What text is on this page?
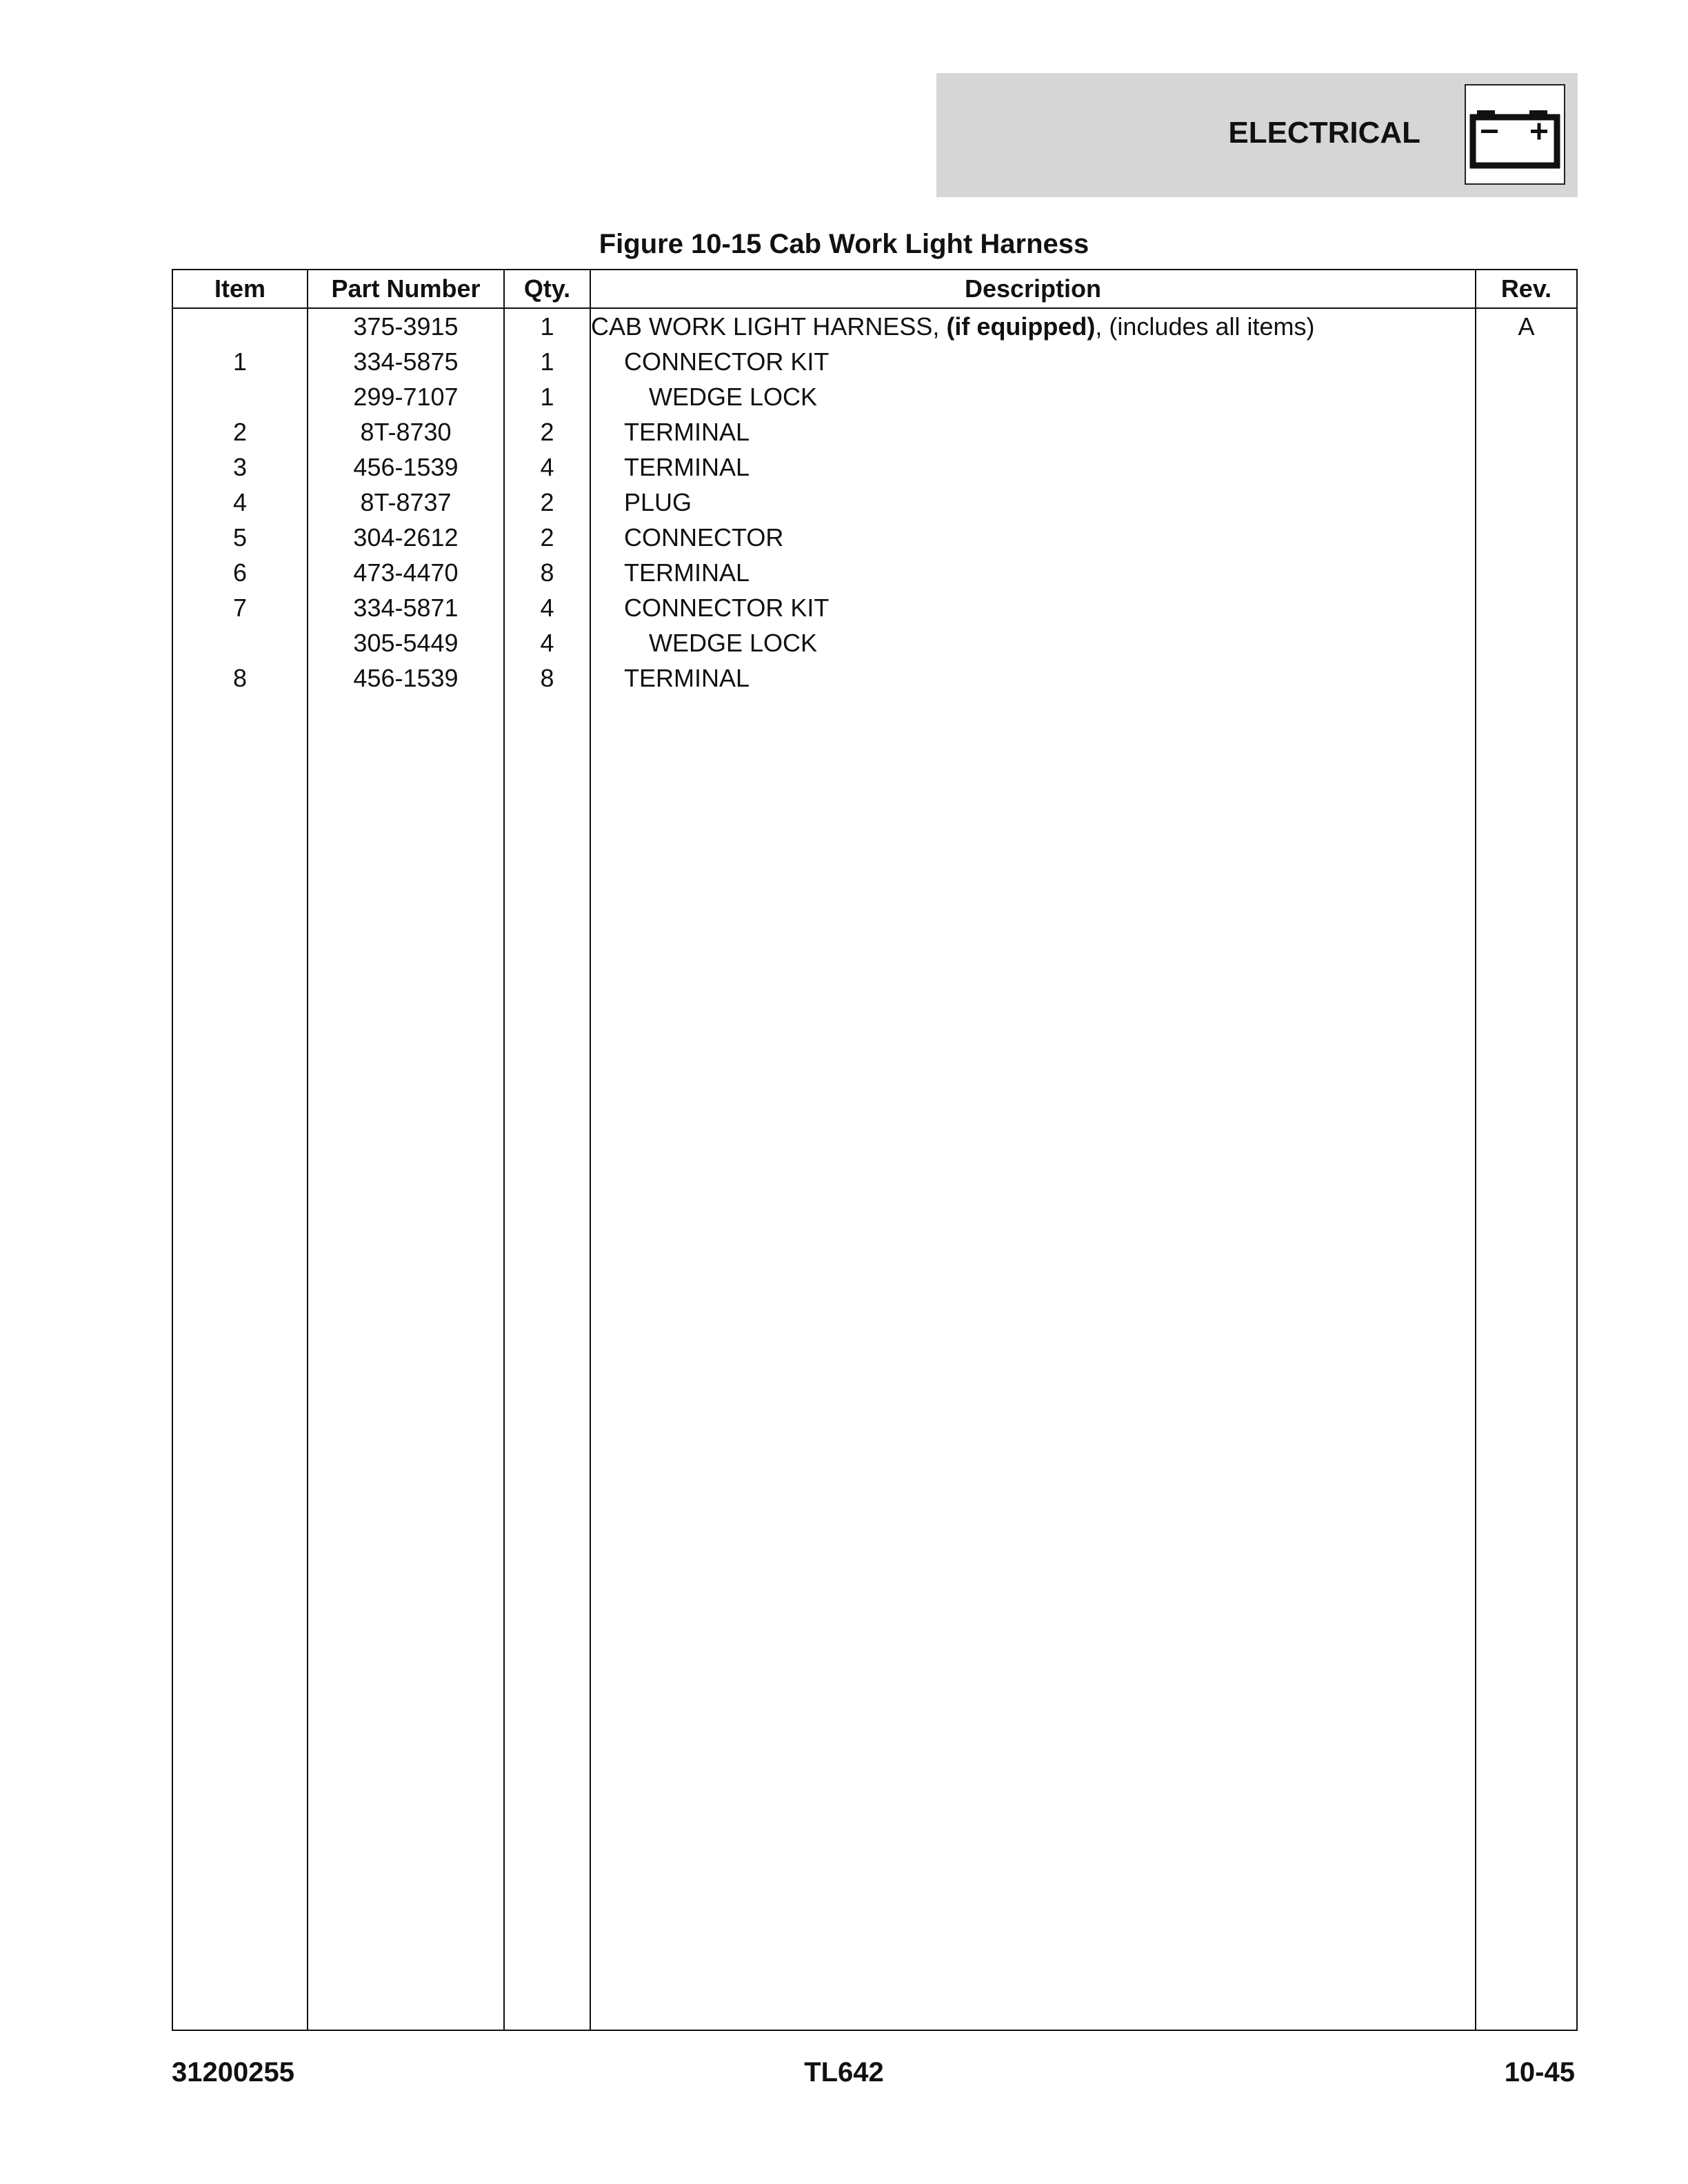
ELECTRICAL
Figure 10-15 Cab Work Light Harness
Item	Part Number	Qty.	Description	Rev.
	375-3915	1	CAB WORK LIGHT HARNESS, (if equipped), (includes all items)	A
1	334-5875	1	CONNECTOR KIT	
	299-7107	1	WEDGE LOCK	
2	8T-8730	2	TERMINAL	
3	456-1539	4	TERMINAL	
4	8T-8737	2	PLUG	
5	304-2612	2	CONNECTOR	
6	473-4470	8	TERMINAL	
7	334-5871	4	CONNECTOR KIT	
	305-5449	4	WEDGE LOCK	
8	456-1539	8	TERMINAL	

31200255	TL642	10-45
